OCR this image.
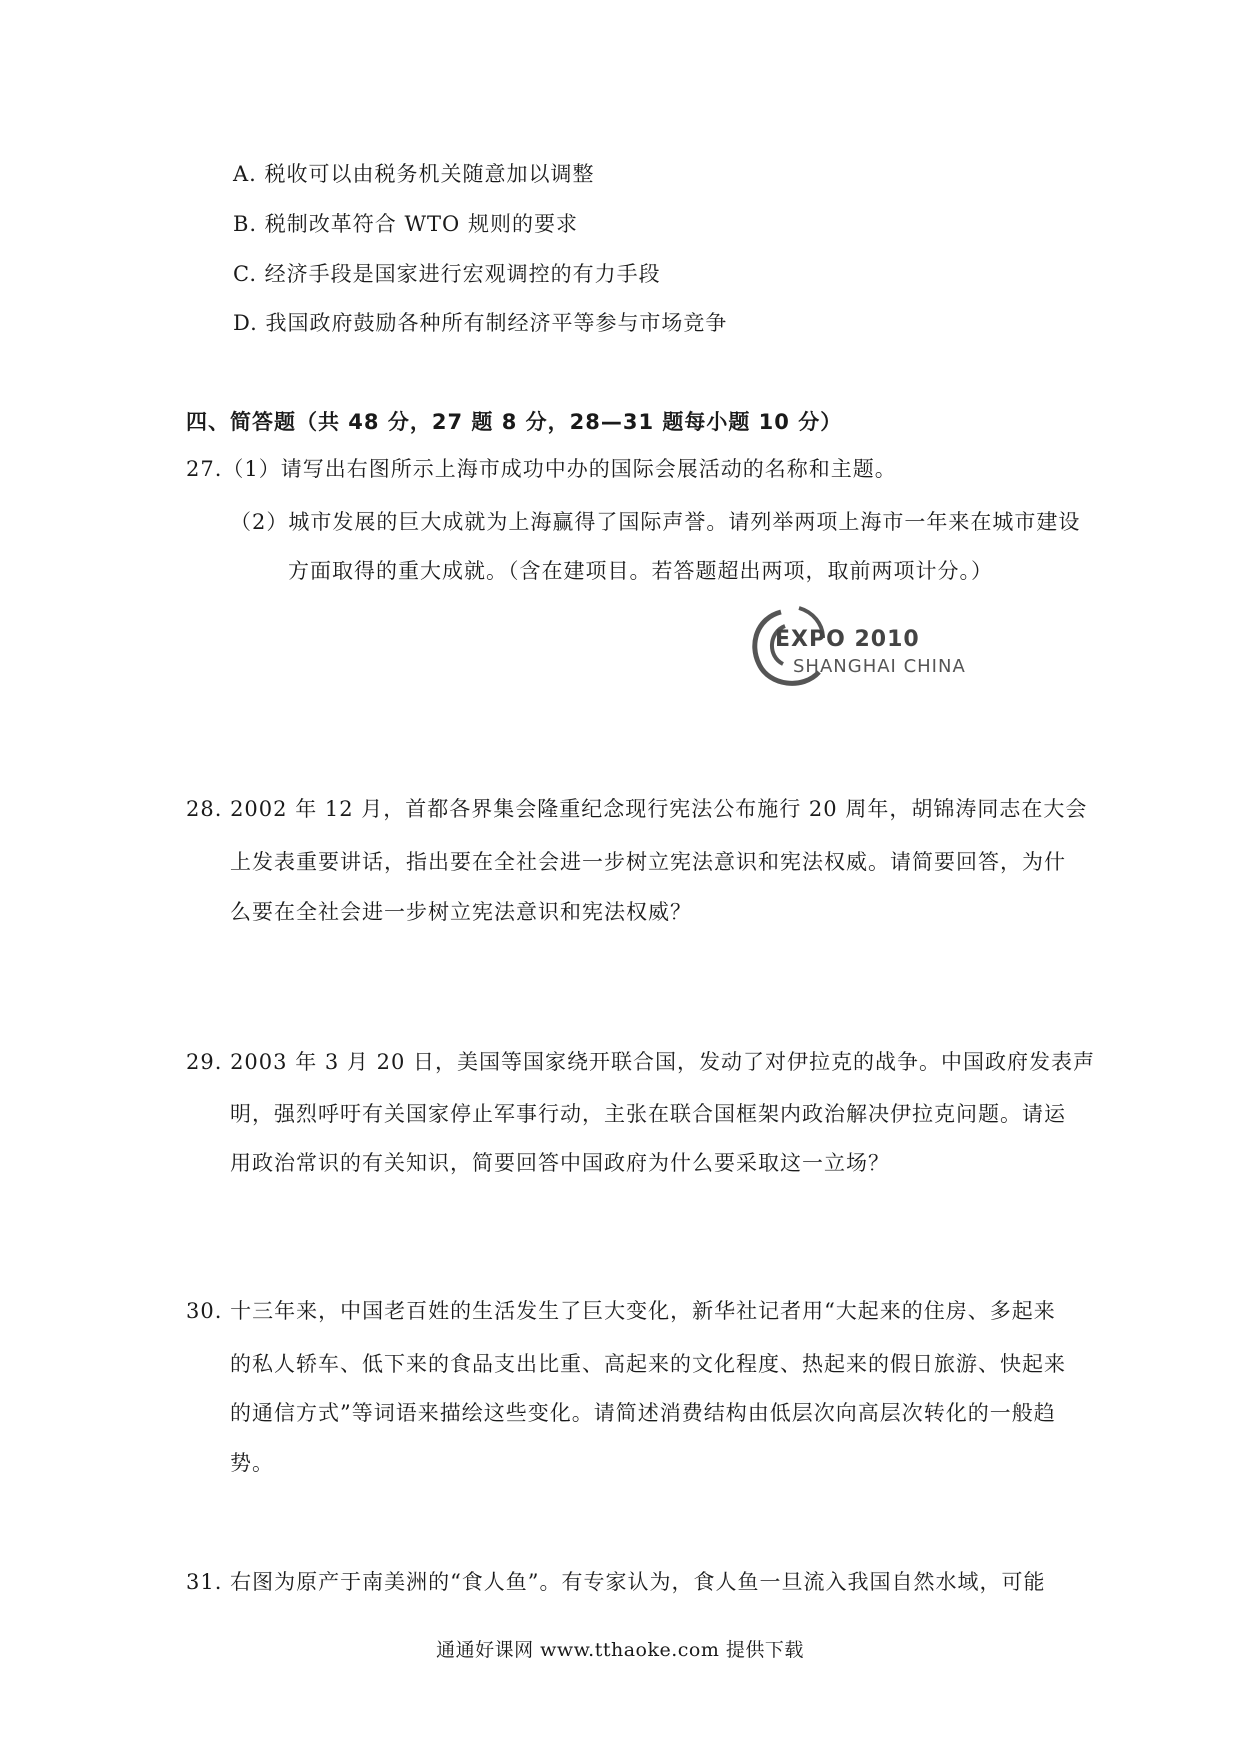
A. 税收可以由税务机关随意加以调整
B. 税制改革符合 WTO 规则的要求
C. 经济手段是国家进行宏观调控的有力手段
D. 我国政府鼓励各种所有制经济平等参与市场竞争
四、简答题（共 48 分，27 题 8 分，28—31 题每小题 10 分）
27.（1）请写出右图所示上海市成功中办的国际会展活动的名称和主题。
（2）城市发展的巨大成就为上海赢得了国际声誉。请列举两项上海市一年来在城市建设
方面取得的重大成就。（含在建项目。若答题超出两项，取前两项计分。）
EXPO 2010
SHANGHAI CHINA
28. 2002 年 12 月，首都各界集会隆重纪念现行宪法公布施行 20 周年，胡锦涛同志在大会
上发表重要讲话，指出要在全社会进一步树立宪法意识和宪法权威。请简要回答，为什
么要在全社会进一步树立宪法意识和宪法权威？
29. 2003 年 3 月 20 日，美国等国家绕开联合国，发动了对伊拉克的战争。中国政府发表声
明，强烈呼吁有关国家停止军事行动，主张在联合国框架内政治解决伊拉克问题。请运
用政治常识的有关知识，简要回答中国政府为什么要采取这一立场？
30. 十三年来，中国老百姓的生活发生了巨大变化，新华社记者用“大起来的住房、多起来
的私人轿车、低下来的食品支出比重、高起来的文化程度、热起来的假日旅游、快起来
的通信方式”等词语来描绘这些变化。请简述消费结构由低层次向高层次转化的一般趋
势。
31. 右图为原产于南美洲的“食人鱼”。有专家认为，食人鱼一旦流入我国自然水域，可能
通通好课网 www.tthaoke.com 提供下载
